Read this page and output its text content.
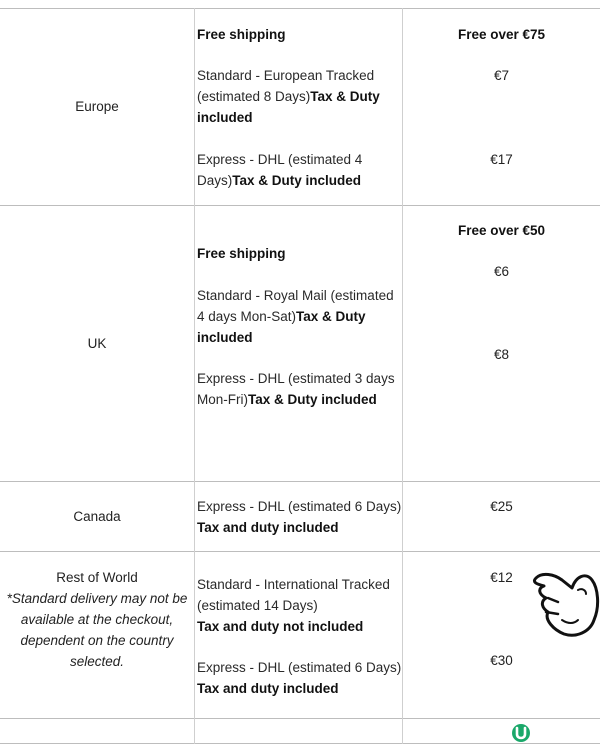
Europe
Free shipping
Standard - European Tracked (estimated 8 Days)Tax & Duty included
Express - DHL (estimated 4 Days)Tax & Duty included
Free over €75
€7
€17
UK
Free shipping
Standard - Royal Mail (estimated 4 days Mon-Sat)Tax & Duty included
Express - DHL (estimated 3 days Mon-Fri)Tax & Duty included
Free over €50
€6
€8
Canada
Express - DHL (estimated 6 Days)
Tax and duty included
€25
Rest of World
*Standard delivery may not be available at the checkout, dependent on the country selected.
Standard - International Tracked (estimated 14 Days)
Tax and duty not included
Express - DHL (estimated 6 Days)
Tax and duty included
€12
€30
